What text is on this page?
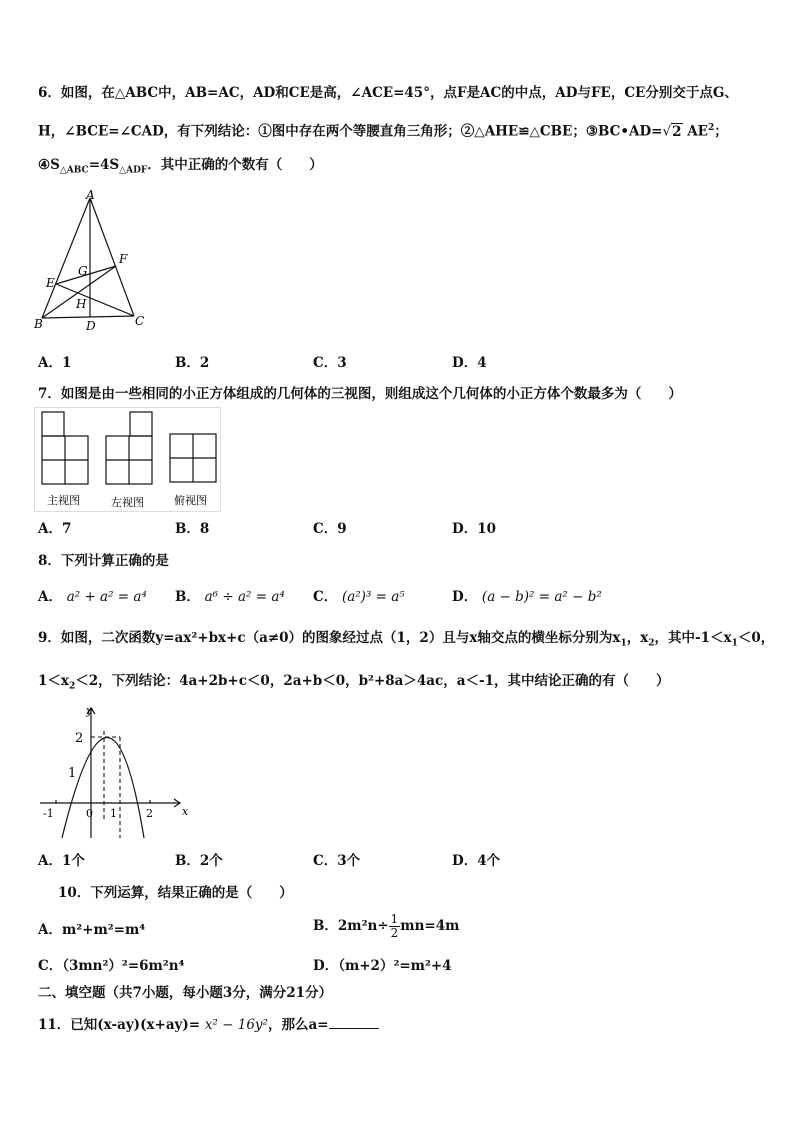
6．如图，在△ABC中，AB=AC，AD和CE是高，∠ACE=45°，点F是AC的中点，AD与FE，CE分别交于点G、
H，∠BCE=∠CAD，有下列结论：①图中存在两个等腰直角三角形；②△AHE≌△CBE；③BC•AD=√2 $AE^2$；
$④S_{\triangle ABC}=4S_{\triangle ADF}$．其中正确的个数有（　　）
A
B	C
D
E
F
G
H
A．1	B．2	C．3	D．4
7．如图是由一些相同的小正方体组成的几何体的三视图，则组成这个几何体的小正方体个数最多为（　　）
主视图	左视图	俯视图
A．7	B．8	C．9	D．10
8．下列计算正确的是
A． a² + a² = a⁴ B． a⁶ ÷ a² = a⁴ C． (a²)³ = a⁵	D． (a − b)² = a² − b²
9．如图，二次函数y=ax²+bx+c（a≠0）的图象经过点（1，2）且与x轴交点的横坐标分别为$x_1$，$x_2$，其中$-1<x_1<0$，
$1<x_2<2$，下列结论：4a+2b+c＜0，2a+b＜0，b²+8a＞4ac，a＜-1，其中结论正确的有（　　）
y
x
2
1
-1	0 1	2
A．1个	B．2个	C．3个	D．4个
10．下列运算，结果正确的是（　　）
A．m²+m²=m⁴	B．$2m^2n\div \frac{1}{2} mn=4m$
C．（3mn²）²=6m²n⁴	D．（m+2）²=m²+4
二、填空题（共7小题，每小题3分，满分21分）
11．已知(x-ay)(x+ay)= x² − 16y²，那么a=
